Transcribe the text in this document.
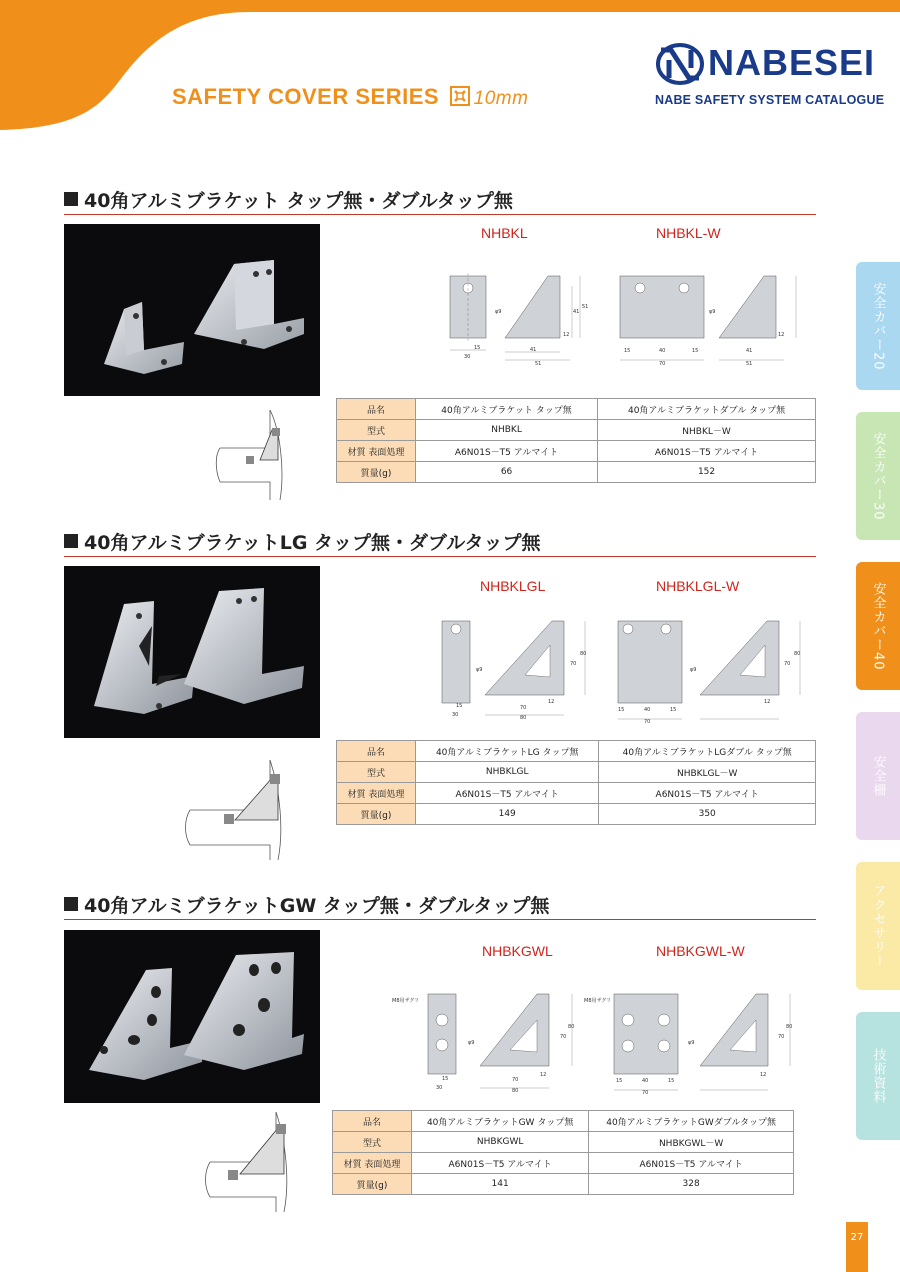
SAFETY COVER SERIES 10mm
NABESEI
NABE SAFETY SYSTEM CATALOGUE
40角アルミブラケット タップ無・ダブルタップ無
NHBKL	NHBKL-W
15
30
41
51
12
41
51
φ9
15	40	15
70
12
41
51
φ9
品名	40角アルミブラケット タップ無	40角アルミブラケットダブル タップ無
型式	NHBKL	NHBKL－W
材質 表面処理	A6N01S－T5 アルマイト	A6N01S－T5 アルマイト
質量(g)	66	152
40角アルミブラケットLG タップ無・ダブルタップ無
NHBKLGL	NHBKLGL-W
15
30
70
80
12
70
80
φ9
15	40	15
70
12
70
80
φ9
品名	40角アルミブラケットLG タップ無	40角アルミブラケットLGダブル タップ無
型式	NHBKLGL	NHBKLGL－W
材質 表面処理	A6N01S－T5 アルマイト	A6N01S－T5 アルマイト
質量(g)	149	350
40角アルミブラケットGW タップ無・ダブルタップ無
NHBKGWL	NHBKGWL-W
M8用ザグリ
15
30
70
80
12
70
80
φ9
M8用ザグリ
15	40	15
70
12
70
80
φ9
品名	40角アルミブラケットGW タップ無	40角アルミブラケットGWダブルタップ無
型式	NHBKGWL	NHBKGWL－W
材質 表面処理	A6N01S－T5 アルマイト	A6N01S－T5 アルマイト
質量(g)	141	328
安全カバー20
安全カバー30
安全カバー40
安全柵
アクセサリー
技術資料
27
